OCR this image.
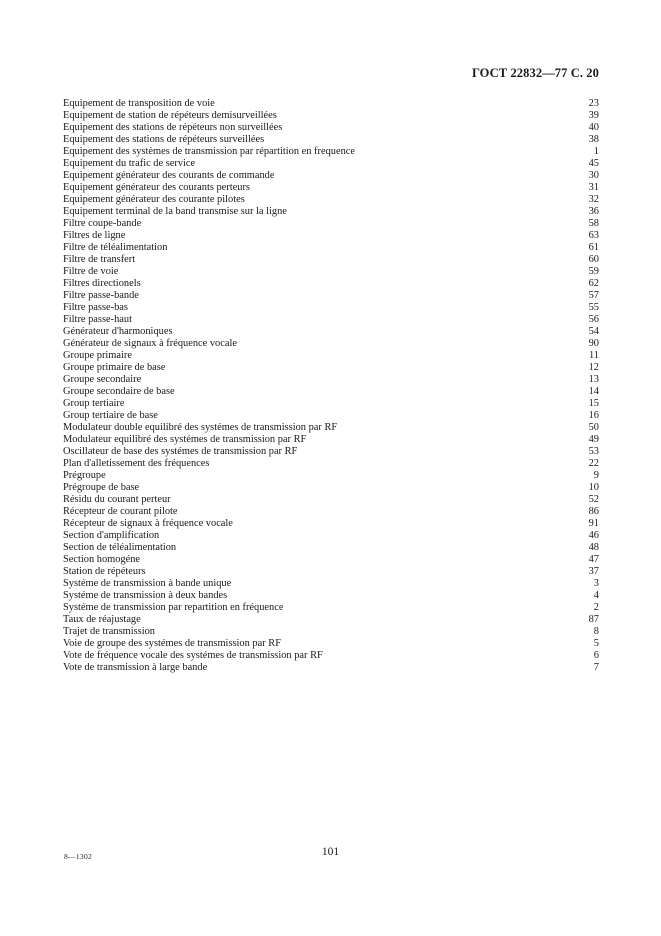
ГОСТ 22832—77 С. 20
Equipement de transposition de voie	23
Equipement de station de répéteurs demisurveillées	39
Equipement des stations de répéteurs non surveillées	40
Equipement des stations de répéteurs surveillées	38
Equipement des systèmes de transmission par répartition en frequence	1
Equipement du trafic de service	45
Equipement générateur des courants de commande	30
Equipement générateur des courants perteurs	31
Equipement générateur des courante pilotes	32
Equipement terminal de la band transmise sur la ligne	36
Filtre coupe-bande	58
Filtres de ligne	63
Filtre de téléalimentation	61
Filtre de transfert	60
Filtre de voie	59
Filtres directionels	62
Filtre passe-bande	57
Filtre passe-bas	55
Filtre passe-haut	56
Générateur d'harmoniques	54
Générateur de signaux à fréquence vocale	90
Groupe primaire	11
Groupe primaire de base	12
Groupe secondaire	13
Groupe secondaire de base	14
Group tertiaire	15
Group tertiaire de base	16
Modulateur double equilibré des systémes de transmission par RF	50
Modulateur equilibré des systémes de transmission par RF	49
Oscillateur de base des systémes de transmission par RF	53
Plan d'alletissement des fréquences	22
Prégroupe	9
Prégroupe de base	10
Résidu du courant perteur	52
Récepteur de courant pilote	86
Récepteur de signaux à fréquence vocale	91
Section d'amplification	46
Section de téléalimentation	48
Section homogéne	47
Station de répéteurs	37
Systéme de transmission à bande unique	3
Systéme de transmission à deux bandes	4
Systéme de transmission par repartition en fréquence	2
Taux de réajustage	87
Trajet de transmission	8
Voie de groupe des systémes de transmission par RF	5
Vote de fréquence vocale des systémes de transmission par RF	6
Vote de transmission à large bande	7
8—1302	101
